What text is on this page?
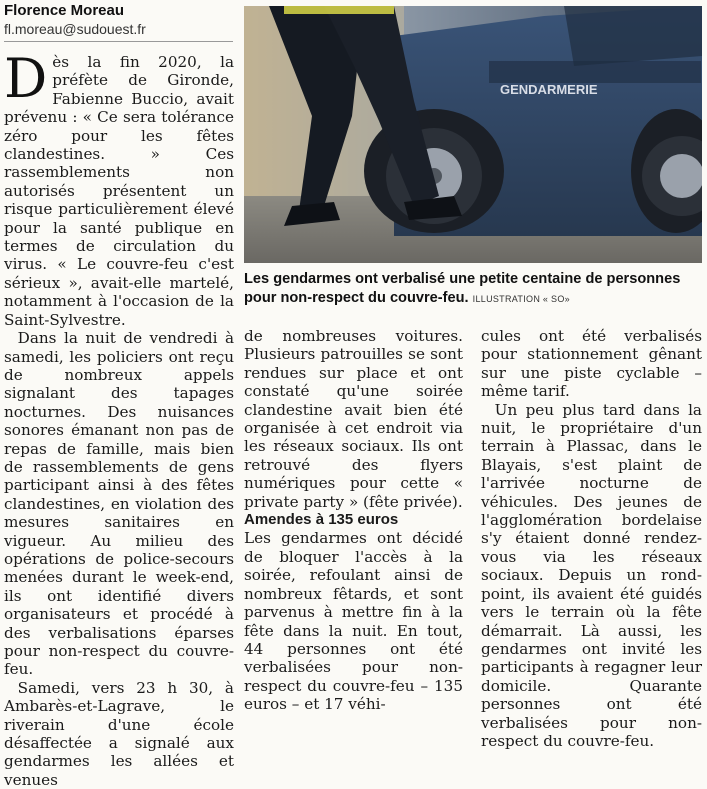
Florence Moreau
fl.moreau@sudouest.fr

Dès la fin 2020, la préfète de Gironde, Fabienne Buccio, avait prévenu : « Ce sera tolérance zéro pour les fêtes clandestines. » Ces rassemblements non autorisés présentent un risque particulièrement élevé pour la santé publique en termes de circulation du virus. « Le couvre-feu c'est sérieux », avait-elle martelé, notamment à l'occasion de la Saint-Sylvestre.

Dans la nuit de vendredi à samedi, les policiers ont reçu de nombreux appels signalant des tapages nocturnes. Des nuisances sonores émanant non pas de repas de famille, mais bien de rassemblements de gens participant ainsi à des fêtes clandestines, en violation des mesures sanitaires en vigueur. Au milieu des opérations de police-secours menées durant le week-end, ils ont identifié divers organisateurs et procédé à des verbalisations éparses pour non-respect du couvre-feu.

Samedi, vers 23 h 30, à Ambarès-et-Lagrave, le riverain d'une école désaffectée a signalé aux gendarmes les allées et venues

GENDARMERIE
Les gendarmes ont verbalisé une petite centaine de personnes pour non-respect du couvre-feu. ILLUSTRATION « SO»

de nombreuses voitures. Plusieurs patrouilles se sont rendues sur place et ont constaté qu'une soirée clandestine avait bien été organisée à cet endroit via les réseaux sociaux. Ils ont retrouvé des flyers numériques pour cette « private party » (fête privée).

Amendes à 135 euros

Les gendarmes ont décidé de bloquer l'accès à la soirée, refoulant ainsi de nombreux fêtards, et sont parvenus à mettre fin à la fête dans la nuit. En tout, 44 personnes ont été verbalisées pour non-respect du couvre-feu – 135 euros – et 17 véhi-

cules ont été verbalisés pour stationnement gênant sur une piste cyclable – même tarif.

Un peu plus tard dans la nuit, le propriétaire d'un terrain à Plassac, dans le Blayais, s'est plaint de l'arrivée nocturne de véhicules. Des jeunes de l'agglomération bordelaise s'y étaient donné rendez-vous via les réseaux sociaux. Depuis un rond-point, ils avaient été guidés vers le terrain où la fête démarrait. Là aussi, les gendarmes ont invité les participants à regagner leur domicile. Quarante personnes ont été verbalisées pour non-respect du couvre-feu.
